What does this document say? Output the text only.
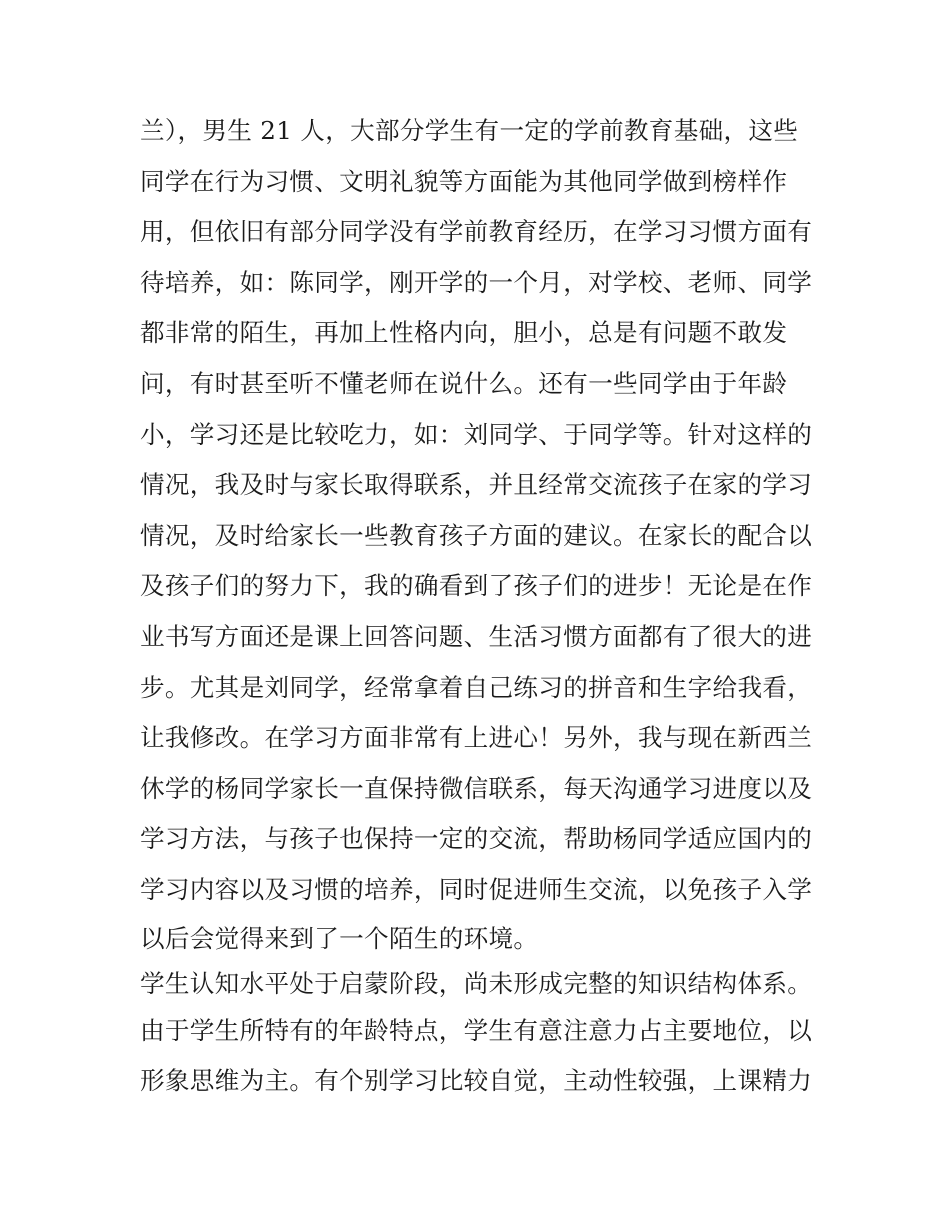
兰），男生 21 人，大部分学生有一定的学前教育基础，这些
同学在行为习惯、文明礼貌等方面能为其他同学做到榜样作
用，但依旧有部分同学没有学前教育经历，在学习习惯方面有
待培养，如：陈同学，刚开学的一个月，对学校、老师、同学
都非常的陌生，再加上性格内向，胆小，总是有问题不敢发
问，有时甚至听不懂老师在说什么。还有一些同学由于年龄
小，学习还是比较吃力，如：刘同学、于同学等。针对这样的
情况，我及时与家长取得联系，并且经常交流孩子在家的学习
情况，及时给家长一些教育孩子方面的建议。在家长的配合以
及孩子们的努力下，我的确看到了孩子们的进步！无论是在作
业书写方面还是课上回答问题、生活习惯方面都有了很大的进
步。尤其是刘同学，经常拿着自己练习的拼音和生字给我看，
让我修改。在学习方面非常有上进心！另外，我与现在新西兰
休学的杨同学家长一直保持微信联系，每天沟通学习进度以及
学习方法，与孩子也保持一定的交流，帮助杨同学适应国内的
学习内容以及习惯的培养，同时促进师生交流，以免孩子入学
以后会觉得来到了一个陌生的环境。
学生认知水平处于启蒙阶段，尚未形成完整的知识结构体系。
由于学生所特有的年龄特点，学生有意注意力占主要地位，以
形象思维为主。有个别学习比较自觉，主动性较强，上课精力
